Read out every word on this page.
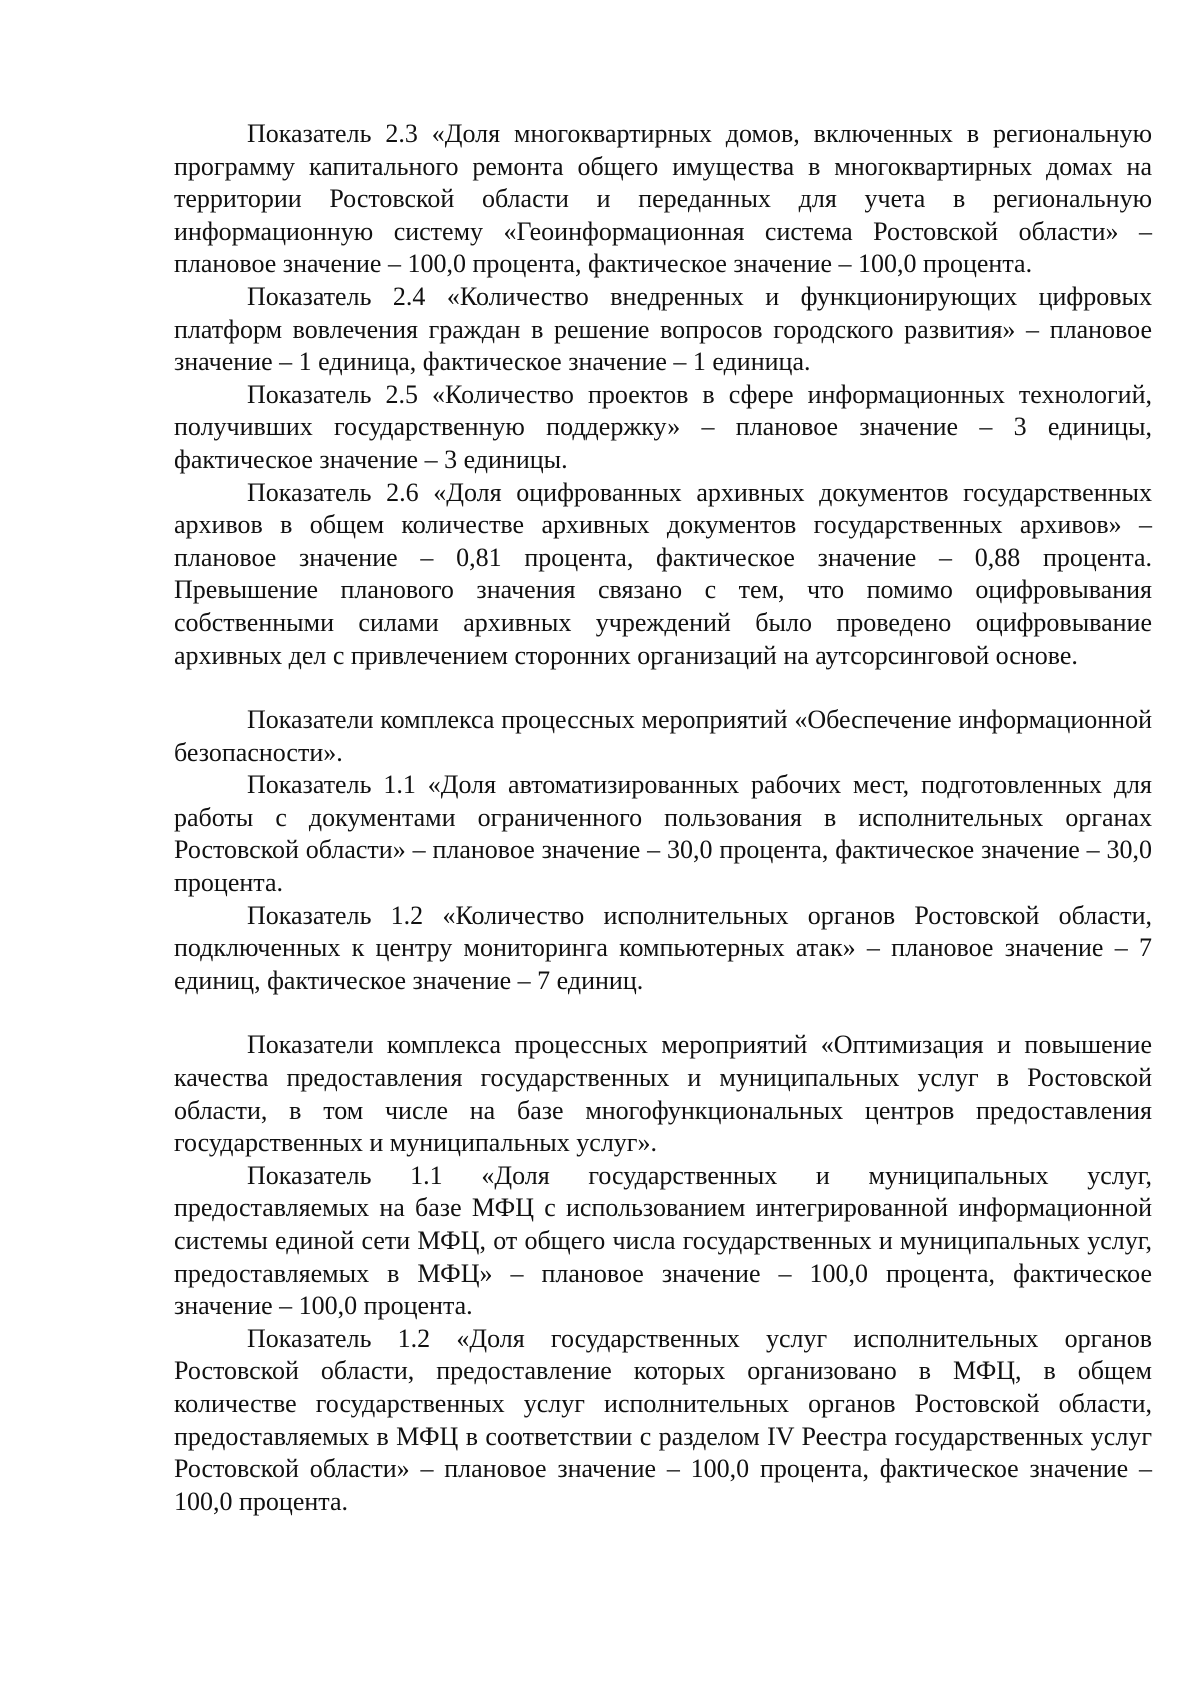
Показатель 2.3 «Доля многоквартирных домов, включенных в региональную программу капитального ремонта общего имущества в многоквартирных домах на территории Ростовской области и переданных для учета в региональную информационную систему «Геоинформационная система Ростовской области» – плановое значение – 100,0 процента, фактическое значение – 100,0 процента.

Показатель 2.4 «Количество внедренных и функционирующих цифровых платформ вовлечения граждан в решение вопросов городского развития» – плановое значение – 1 единица, фактическое значение – 1 единица.

Показатель 2.5 «Количество проектов в сфере информационных технологий, получивших государственную поддержку» – плановое значение – 3 единицы, фактическое значение – 3 единицы.

Показатель 2.6 «Доля оцифрованных архивных документов государственных архивов в общем количестве архивных документов государственных архивов» – плановое значение – 0,81 процента, фактическое значение – 0,88 процента. Превышение планового значения связано с тем, что помимо оцифровывания собственными силами архивных учреждений было проведено оцифровывание архивных дел с привлечением сторонних организаций на аутсорсинговой основе.

Показатели комплекса процессных мероприятий «Обеспечение информационной безопасности».

Показатель 1.1 «Доля автоматизированных рабочих мест, подготовленных для работы с документами ограниченного пользования в исполнительных органах Ростовской области» – плановое значение – 30,0 процента, фактическое значение – 30,0 процента.

Показатель 1.2 «Количество исполнительных органов Ростовской области, подключенных к центру мониторинга компьютерных атак» – плановое значение – 7 единиц, фактическое значение – 7 единиц.

Показатели комплекса процессных мероприятий «Оптимизация и повышение качества предоставления государственных и муниципальных услуг в Ростовской области, в том числе на базе многофункциональных центров предоставления государственных и муниципальных услуг».

Показатель 1.1 «Доля государственных и муниципальных услуг, предоставляемых на базе МФЦ с использованием интегрированной информационной системы единой сети МФЦ, от общего числа государственных и муниципальных услуг, предоставляемых в МФЦ» – плановое значение – 100,0 процента, фактическое значение – 100,0 процента.

Показатель 1.2 «Доля государственных услуг исполнительных органов Ростовской области, предоставление которых организовано в МФЦ, в общем количестве государственных услуг исполнительных органов Ростовской области, предоставляемых в МФЦ в соответствии с разделом IV Реестра государственных услуг Ростовской области» – плановое значение – 100,0 процента, фактическое значение – 100,0 процента.
